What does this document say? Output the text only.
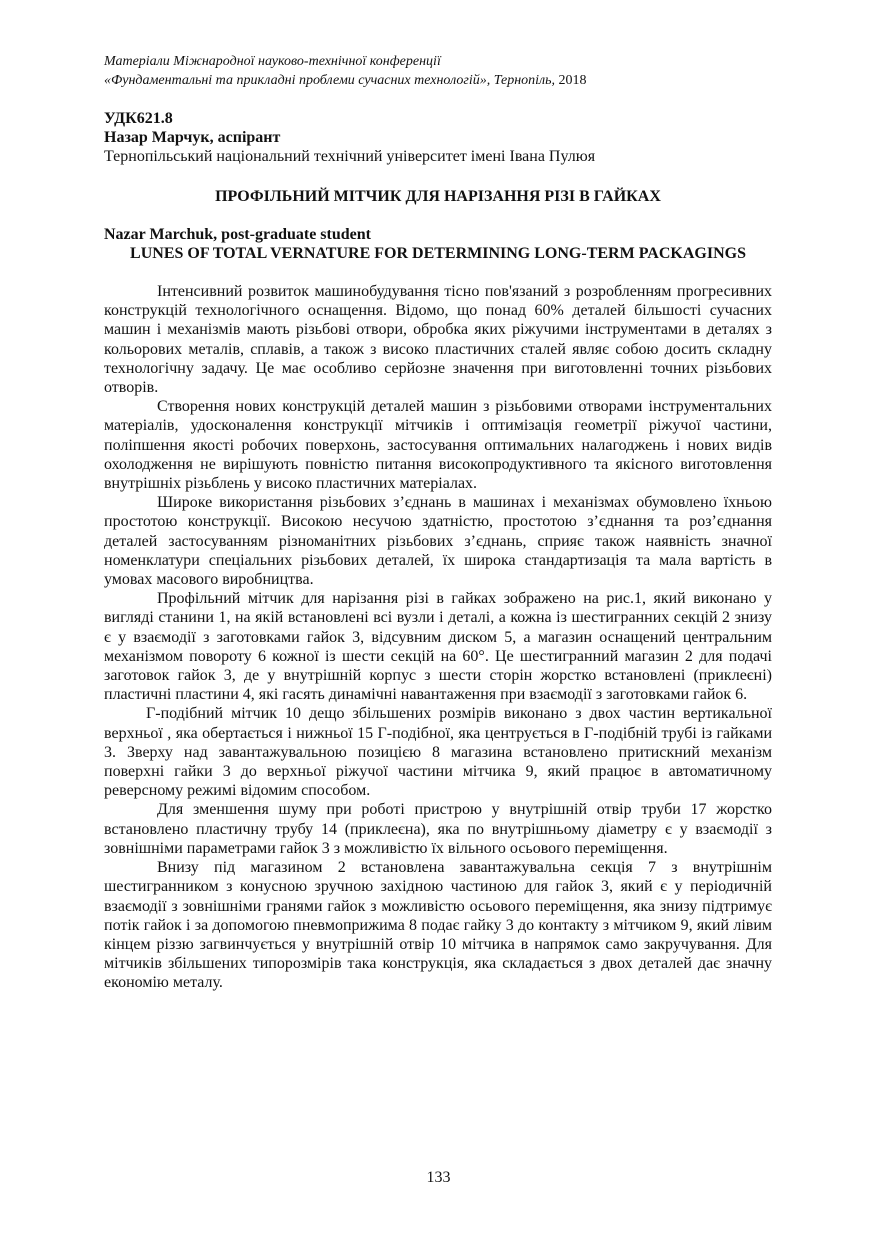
Матеріали Міжнародної науково-технічної конференції
«Фундаментальні та прикладні проблеми сучасних технологій», Тернопіль, 2018
УДК621.8
Назар Марчук, аспірант
Тернопільський національний технічний університет імені Івана Пулюя
ПРОФІЛЬНИЙ МІТЧИК ДЛЯ НАРІЗАННЯ РІЗІ В ГАЙКАХ
Nazar Marchuk, post-graduate student
LUNES OF TOTAL VERNATURE FOR DETERMINING LONG-TERM PACKAGINGS

Інтенсивний розвиток машинобудування тісно пов'язаний з розробленням прогресивних конструкцій технологічного оснащення. Відомо, що понад 60% деталей більшості сучасних машин і механізмів мають різьбові отвори, обробка яких ріжучими інструментами в деталях з кольорових металів, сплавів, а також з високо пластичних сталей являє собою досить складну технологічну задачу. Це має особливо серйозне значення при виготовленні точних різьбових отворів.

Створення нових конструкцій деталей машин з різьбовими отворами інструментальних матеріалів, удосконалення конструкції мітчиків і оптимізація геометрії ріжучої частини, поліпшення якості робочих поверхонь, застосування оптимальних налагоджень і нових видів охолодження не вирішують повністю питання високопродуктивного та якісного виготовлення внутрішніх різьблень у високо пластичних матеріалах.

Широке використання різьбових з’єднань в машинах і механізмах обумовлено їхньою простотою конструкції. Високою несучою здатністю, простотою з’єднання та роз’єднання деталей застосуванням різноманітних різьбових з’єднань, сприяє також наявність значної номенклатури спеціальних різьбових деталей, їх широка стандартизація та мала вартість в умовах масового виробництва.

Профільний мітчик для нарізання різі в гайках зображено на рис.1, який виконано у вигляді станини 1, на якій встановлені всі вузли і деталі, а кожна із шестигранних секцій 2 знизу є у взаємодії з заготовками гайок 3, відсувним диском 5, а магазин оснащений центральним механізмом повороту 6 кожної із шести секцій на 60°. Це шестигранний магазин 2 для подачі заготовок гайок 3, де у внутрішній корпус з шести сторін жорстко встановлені (приклеєні) пластичні пластини 4, які гасять динамічні навантаження при взаємодії з заготовками гайок 6.

Г-подібний мітчик 10 дещо збільшених розмірів виконано з двох частин вертикальної верхньої , яка обертається і нижньої 15 Г-подібної, яка центрується в Г-подібній трубі із гайками 3. Зверху над завантажувальною позицією 8 магазина встановлено притискний механізм поверхні гайки 3 до верхньої ріжучої частини мітчика 9, який працює в автоматичному реверсному режимі відомим способом.

Для зменшення шуму при роботі пристрою у внутрішній отвір труби 17 жорстко встановлено пластичну трубу 14 (приклеєна), яка по внутрішньому діаметру є у взаємодії з зовнішніми параметрами гайок 3 з можливістю їх вільного осьового переміщення.

Внизу під магазином 2 встановлена завантажувальна секція 7 з внутрішнім шестигранником з конусною зручною західною частиною для гайок 3, який є у періодичній взаємодії з зовнішніми гранями гайок з можливістю осьового переміщення, яка знизу підтримує потік гайок і за допомогою пневмоприжима 8 подає гайку 3 до контакту з мітчиком 9, який лівим кінцем різзю загвинчується у внутрішній отвір 10 мітчика в напрямок само закручування. Для мітчиків збільшених типорозмірів така конструкція, яка складається з двох деталей дає значну економію металу.

133
